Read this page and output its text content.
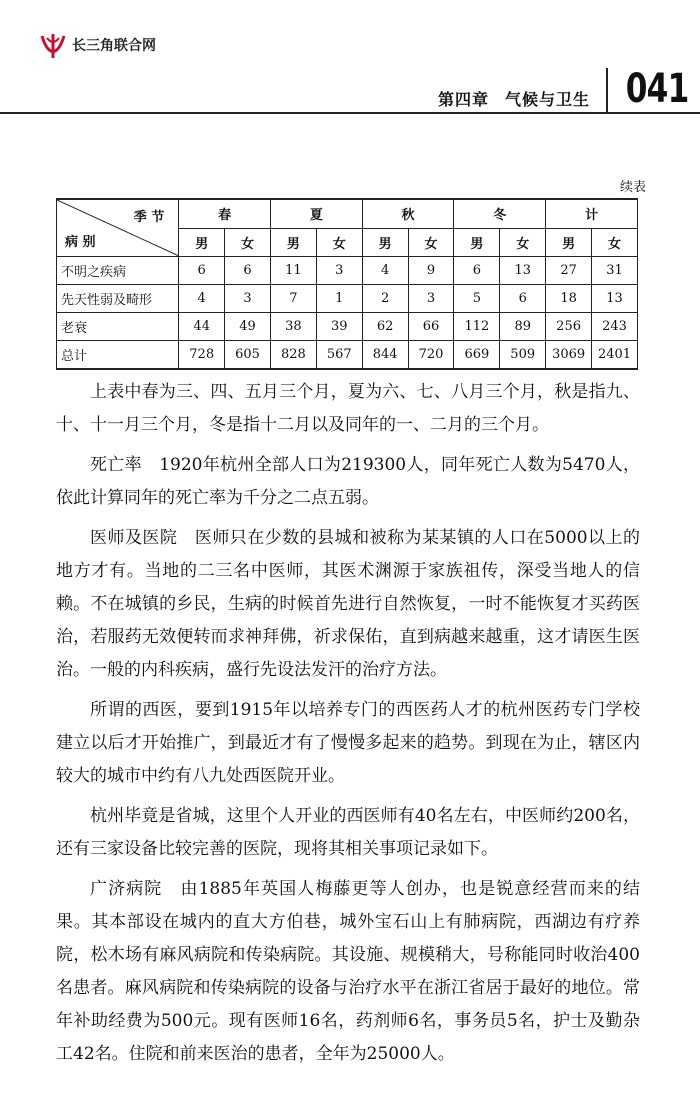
长三角联合网
第四章 气候与卫生 041
续表
季 节
病 别	春		夏		秋		冬		计	
	男	女	男	女	男	女	男	女	男	女
不明之疾病	6	6	11	3	4	9	6	13	27	31
先天性弱及畸形	4	3	7	1	2	3	5	6	18	13
老衰	44	49	38	39	62	66	112	89	256	243
总计	728	605	828	567	844	720	669	509	3069	2401

上表中春为三、四、五月三个月，夏为六、七、八月三个月，秋是指九、十、十一月三个月，冬是指十二月以及同年的一、二月的三个月。

死亡率　1920年杭州全部人口为219300人，同年死亡人数为5470人，依此计算同年的死亡率为千分之二点五弱。

医师及医院　医师只在少数的县城和被称为某某镇的人口在5000以上的地方才有。当地的二三名中医师，其医术渊源于家族祖传，深受当地人的信赖。不在城镇的乡民，生病的时候首先进行自然恢复，一时不能恢复才买药医治，若服药无效便转而求神拜佛，祈求保佑，直到病越来越重，这才请医生医治。一般的内科疾病，盛行先设法发汗的治疗方法。

所谓的西医，要到1915年以培养专门的西医药人才的杭州医药专门学校建立以后才开始推广，到最近才有了慢慢多起来的趋势。到现在为止，辖区内较大的城市中约有八九处西医院开业。

杭州毕竟是省城，这里个人开业的西医师有40名左右，中医师约200名，还有三家设备比较完善的医院，现将其相关事项记录如下。

广济病院　由1885年英国人梅藤更等人创办，也是锐意经营而来的结果。其本部设在城内的直大方伯巷，城外宝石山上有肺病院，西湖边有疗养院，松木场有麻风病院和传染病院。其设施、规模稍大，号称能同时收治400名患者。麻风病院和传染病院的设备与治疗水平在浙江省居于最好的地位。常年补助经费为500元。现有医师16名，药剂师6名，事务员5名，护士及勤杂工42名。住院和前来医治的患者，全年为25000人。
